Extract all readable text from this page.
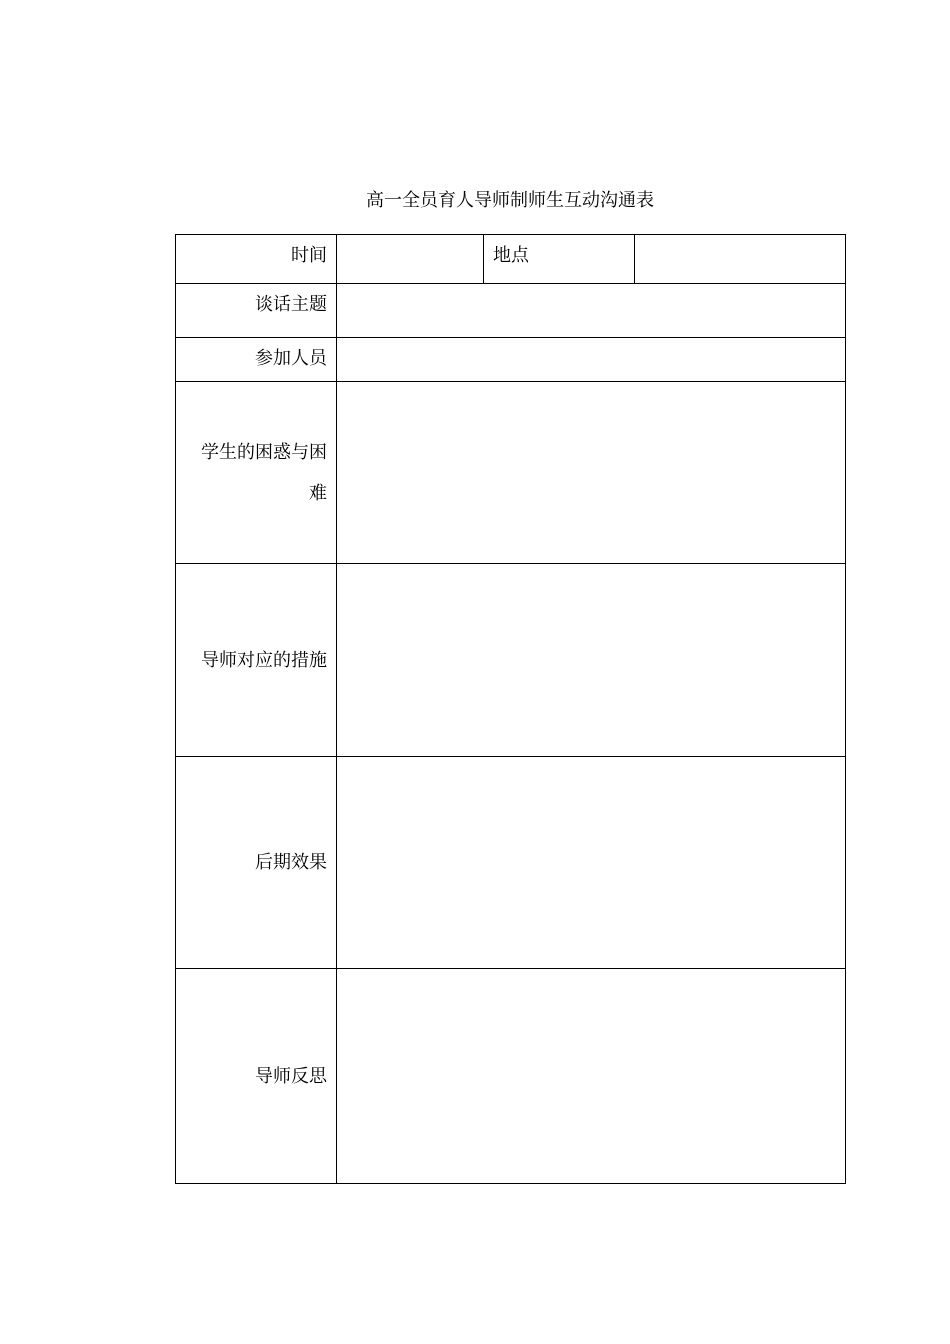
高一全员育人导师制师生互动沟通表
时间		地点	
谈话主题			
参加人员			
学生的困惑与困难			
导师对应的措施			
后期效果			
导师反思			
